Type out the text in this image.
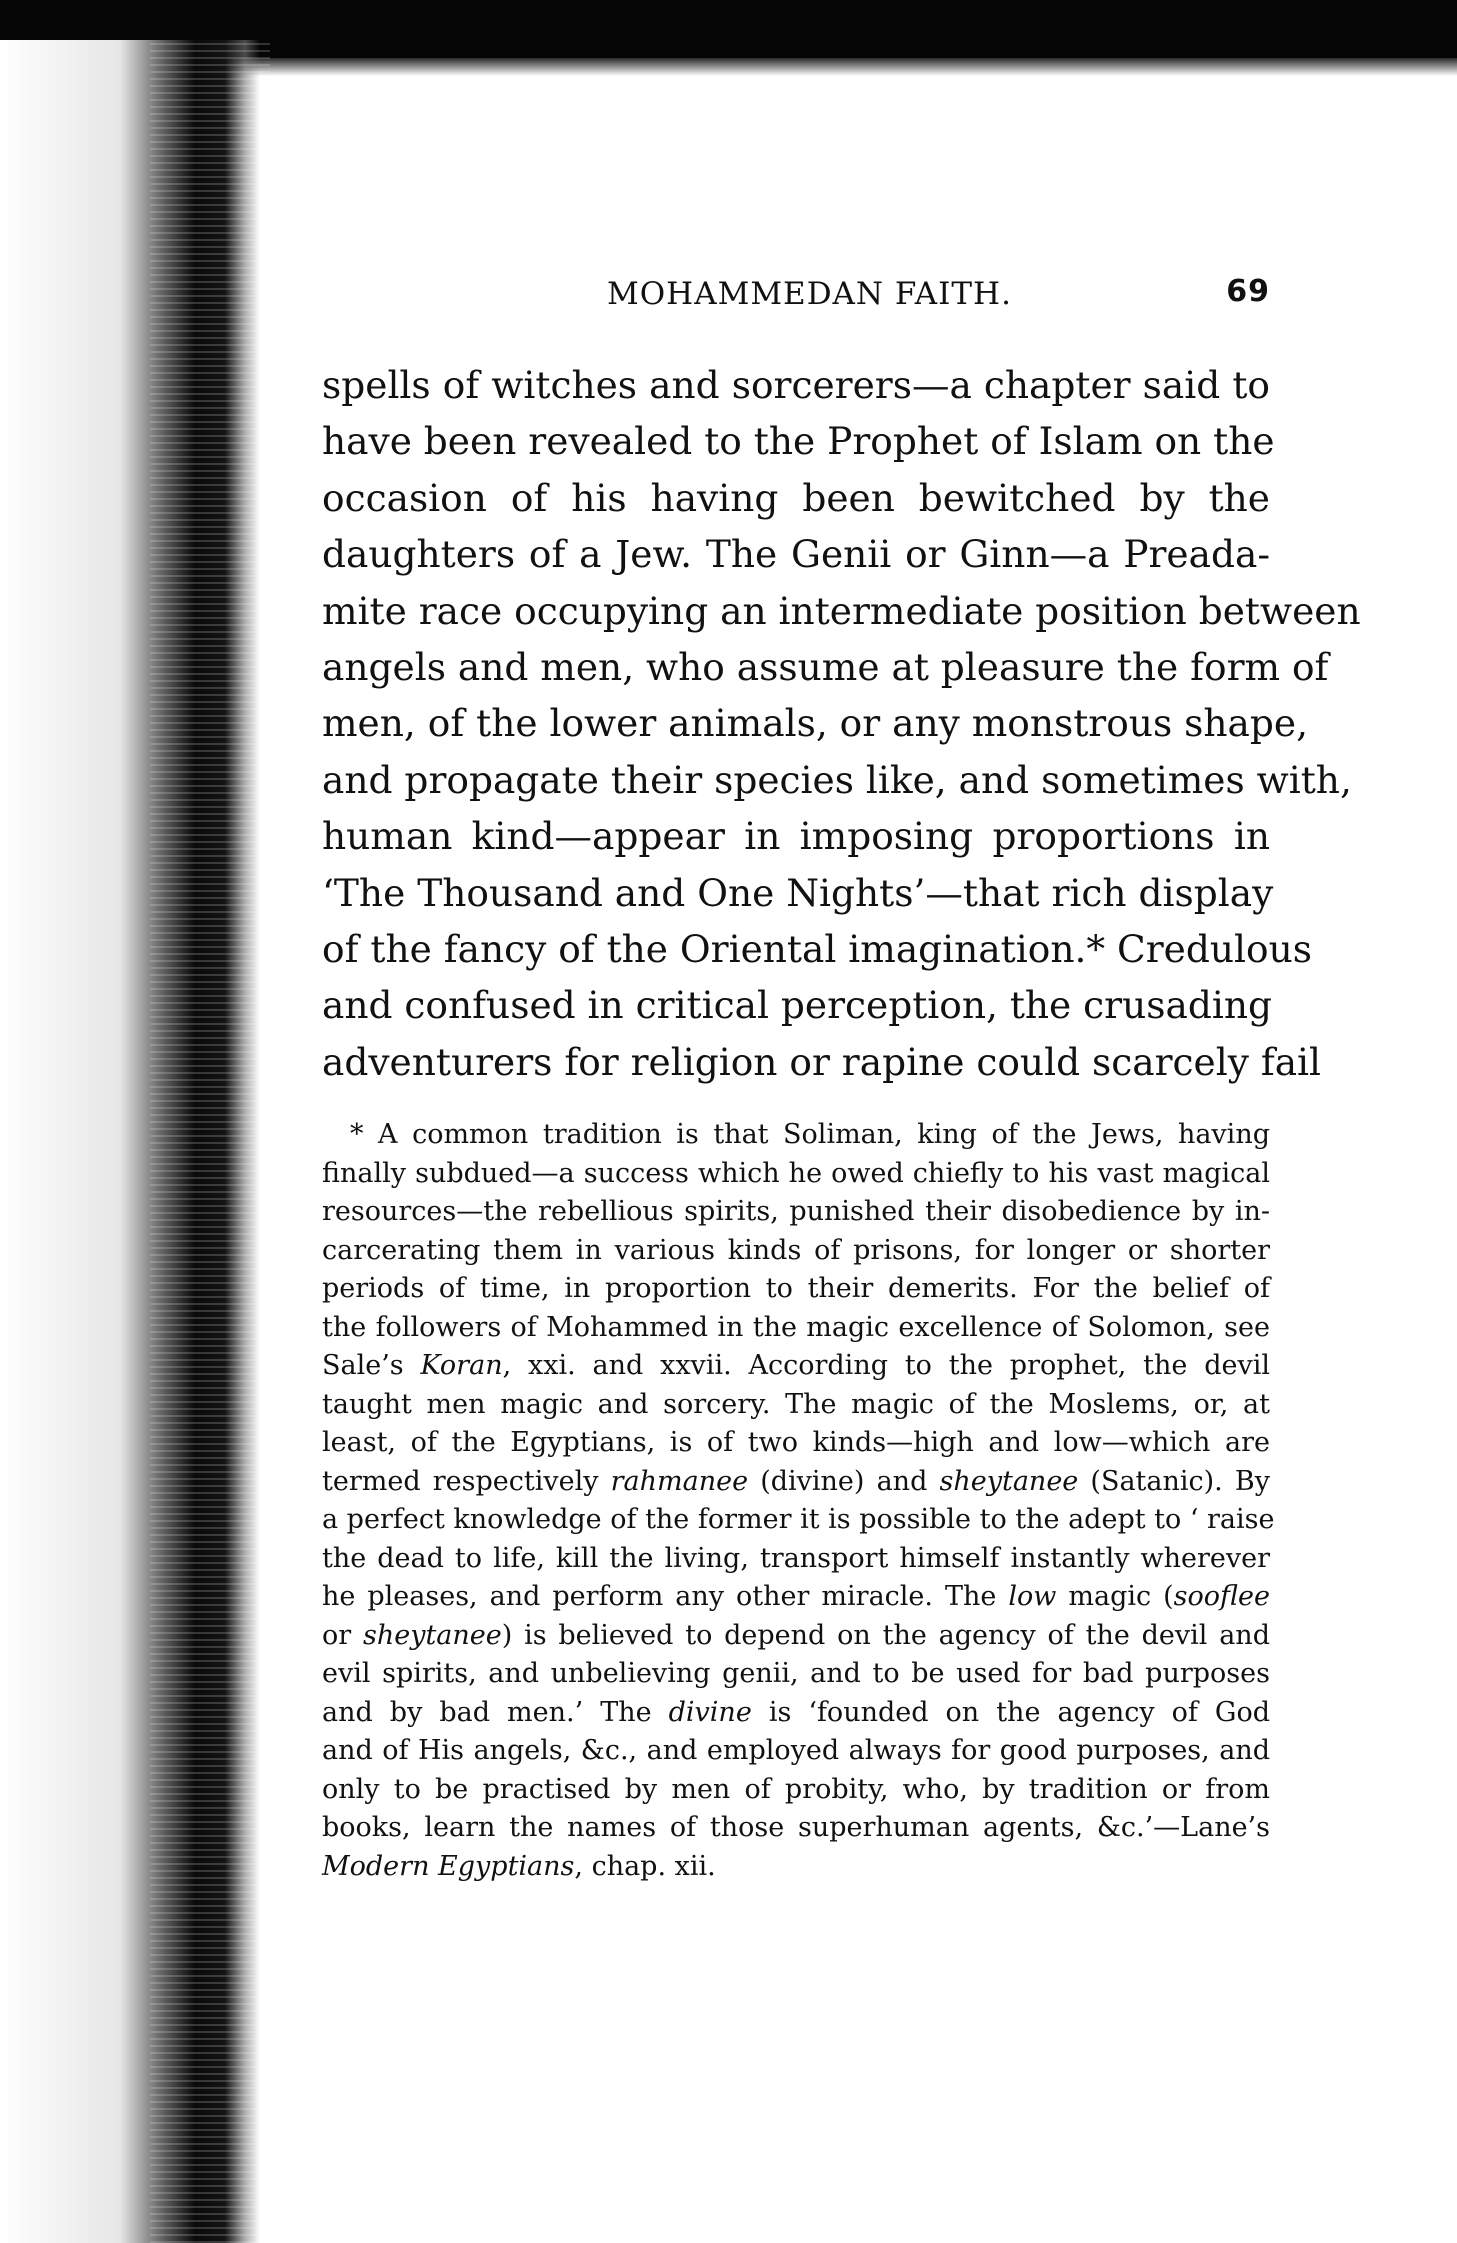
MOHAMMEDAN FAITH.	69
spells of witches and sorcerers—a chapter said to
have been revealed to the Prophet of Islam on the
occasion of his having been bewitched by the
daughters of a Jew. The Genii or Ginn—a Preada-
mite race occupying an intermediate position between
angels and men, who assume at pleasure the form of
men, of the lower animals, or any monstrous shape,
and propagate their species like, and sometimes with,
human kind—appear in imposing proportions in
‘The Thousand and One Nights’—that rich display
of the fancy of the Oriental imagination.* Credulous
and confused in critical perception, the crusading
adventurers for religion or rapine could scarcely fail
* A common tradition is that Soliman, king of the Jews, having
finally subdued—a success which he owed chiefly to his vast magical
resources—the rebellious spirits, punished their disobedience by in-
carcerating them in various kinds of prisons, for longer or shorter
periods of time, in proportion to their demerits. For the belief of
the followers of Mohammed in the magic excellence of Solomon, see
Sale’s Koran, xxi. and xxvii. According to the prophet, the devil
taught men magic and sorcery. The magic of the Moslems, or, at
least, of the Egyptians, is of two kinds—high and low—which are
termed respectively rahmanee (divine) and sheytanee (Satanic). By
a perfect knowledge of the former it is possible to the adept to ‘ raise
the dead to life, kill the living, transport himself instantly wherever
he pleases, and perform any other miracle. The low magic (sooflee
or sheytanee) is believed to depend on the agency of the devil and
evil spirits, and unbelieving genii, and to be used for bad purposes
and by bad men.’ The divine is ‘founded on the agency of God
and of His angels, &c., and employed always for good purposes, and
only to be practised by men of probity, who, by tradition or from
books, learn the names of those superhuman agents, &c.’—Lane’s
Modern Egyptians, chap. xii.
